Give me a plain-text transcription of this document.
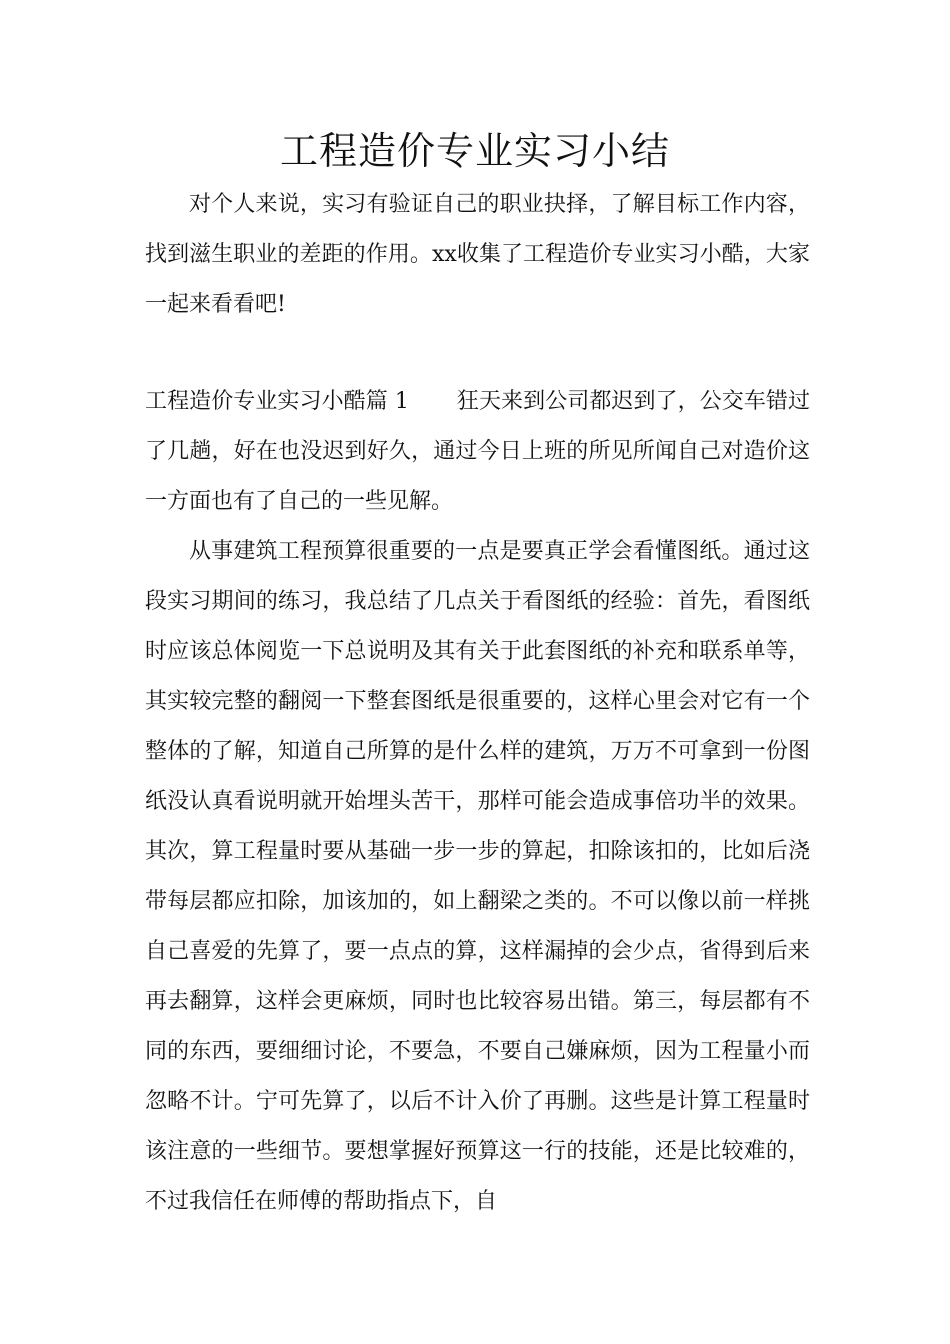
工程造价专业实习小结

对个人来说，实习有验证自己的职业抉择，了解目标工作内容，找到滋生职业的差距的作用。xx收集了工程造价专业实习小酷，大家一起来看看吧!

工程造价专业实习小酷篇 1 狂天来到公司都迟到了，公交车错过了几趟，好在也没迟到好久，通过今日上班的所见所闻自己对造价这一方面也有了自己的一些见解。

从事建筑工程预算很重要的一点是要真正学会看懂图纸。通过这段实习期间的练习，我总结了几点关于看图纸的经验：首先，看图纸时应该总体阅览一下总说明及其有关于此套图纸的补充和联系单等，其实较完整的翻阅一下整套图纸是很重要的，这样心里会对它有一个整体的了解，知道自己所算的是什么样的建筑，万万不可拿到一份图纸没认真看说明就开始埋头苦干，那样可能会造成事倍功半的效果。其次，算工程量时要从基础一步一步的算起，扣除该扣的，比如后浇带每层都应扣除，加该加的，如上翻梁之类的。不可以像以前一样挑自己喜爱的先算了，要一点点的算，这样漏掉的会少点，省得到后来再去翻算，这样会更麻烦，同时也比较容易出错。第三，每层都有不同的东西，要细细讨论，不要急，不要自己嫌麻烦，因为工程量小而忽略不计。宁可先算了，以后不计入价了再删。这些是计算工程量时该注意的一些细节。要想掌握好预算这一行的技能，还是比较难的，不过我信任在师傅的帮助指点下，自
